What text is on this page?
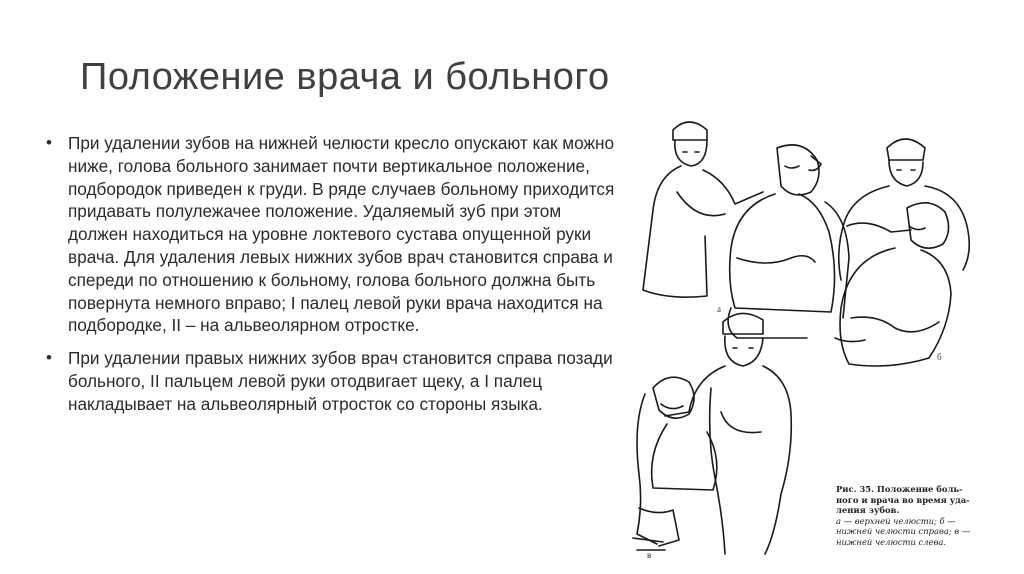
Положение врача и больного
• При удалении зубов на нижней челюсти кресло опускают как можно ниже, голова больного занимает почти вертикальное положение, подбородок приведен к груди. В ряде случаев больному приходится придавать полулежачее положение. Удаляемый зуб при этом должен находиться на уровне локтевого сустава опущенной руки врача. Для удаления левых нижних зубов врач становится справа и спереди по отношению к больному, голова больного должна быть повернута немного вправо; I палец левой руки врача находится на подбородке, II – на альвеолярном отростке.
• При удалении правых нижних зубов врач становится справа позади больного, II пальцем левой руки отодвигает щеку, а I палец накладывает на альвеолярный отросток со стороны языка.
б
а
в
Рис. 35. Положение боль-ного и врача во время уда-ления зубов.
а — верхней челюсти; б — нижней челюсти справа; в — нижней челюсти слева.
